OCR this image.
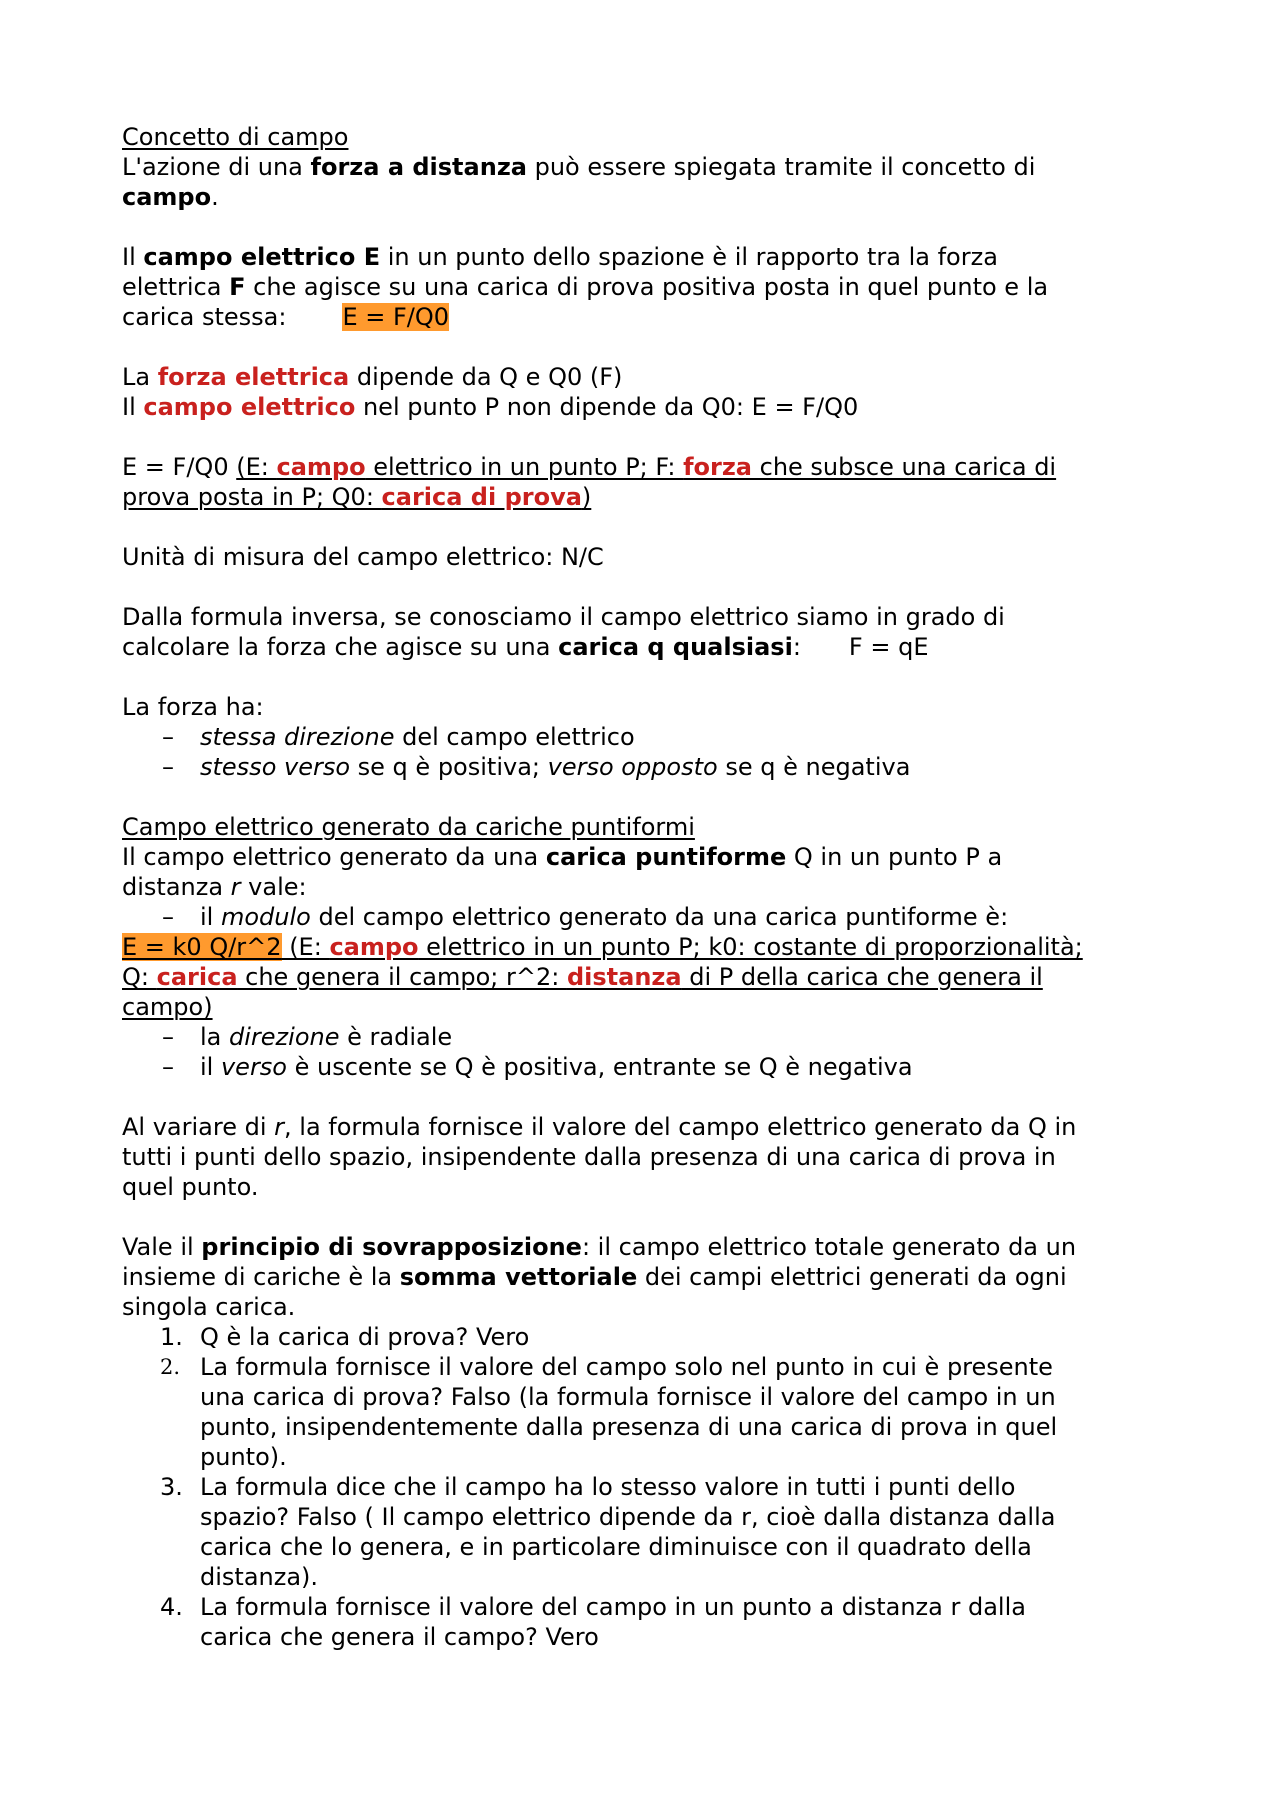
Concetto di campo
L'azione di una forza a distanza può essere spiegata tramite il concetto di
campo.
Il campo elettrico E in un punto dello spazione è il rapporto tra la forza
elettrica F che agisce su una carica di prova positiva posta in quel punto e la
carica stessa: E = F/Q0
La forza elettrica dipende da Q e Q0 (F)
Il campo elettrico nel punto P non dipende da Q0: E = F/Q0
E = F/Q0 (E: campo elettrico in un punto P; F: forza che subsce una carica di
prova posta in P; Q0: carica di prova)
Unità di misura del campo elettrico: N/C
Dalla formula inversa, se conosciamo il campo elettrico siamo in grado di
calcolare la forza che agisce su una carica q qualsiasi: F = qE
La forza ha:
– stessa direzione del campo elettrico
– stesso verso se q è positiva; verso opposto se q è negativa
Campo elettrico generato da cariche puntiformi
Il campo elettrico generato da una carica puntiforme Q in un punto P a
distanza r vale:
– il modulo del campo elettrico generato da una carica puntiforme è:
E = k0 Q/r^2 (E: campo elettrico in un punto P; k0: costante di proporzionalità;
Q: carica che genera il campo; r^2: distanza di P della carica che genera il
campo)
– la direzione è radiale
– il verso è uscente se Q è positiva, entrante se Q è negativa
Al variare di r, la formula fornisce il valore del campo elettrico generato da Q in
tutti i punti dello spazio, insipendente dalla presenza di una carica di prova in
quel punto.
Vale il principio di sovrapposizione: il campo elettrico totale generato da un
insieme di cariche è la somma vettoriale dei campi elettrici generati da ogni
singola carica.
1. Q è la carica di prova? Vero
2. La formula fornisce il valore del campo solo nel punto in cui è presente
una carica di prova? Falso (la formula fornisce il valore del campo in un
punto, insipendentemente dalla presenza di una carica di prova in quel
punto).
3. La formula dice che il campo ha lo stesso valore in tutti i punti dello
spazio? Falso ( Il campo elettrico dipende da r, cioè dalla distanza dalla
carica che lo genera, e in particolare diminuisce con il quadrato della
distanza).
4. La formula fornisce il valore del campo in un punto a distanza r dalla
carica che genera il campo? Vero
